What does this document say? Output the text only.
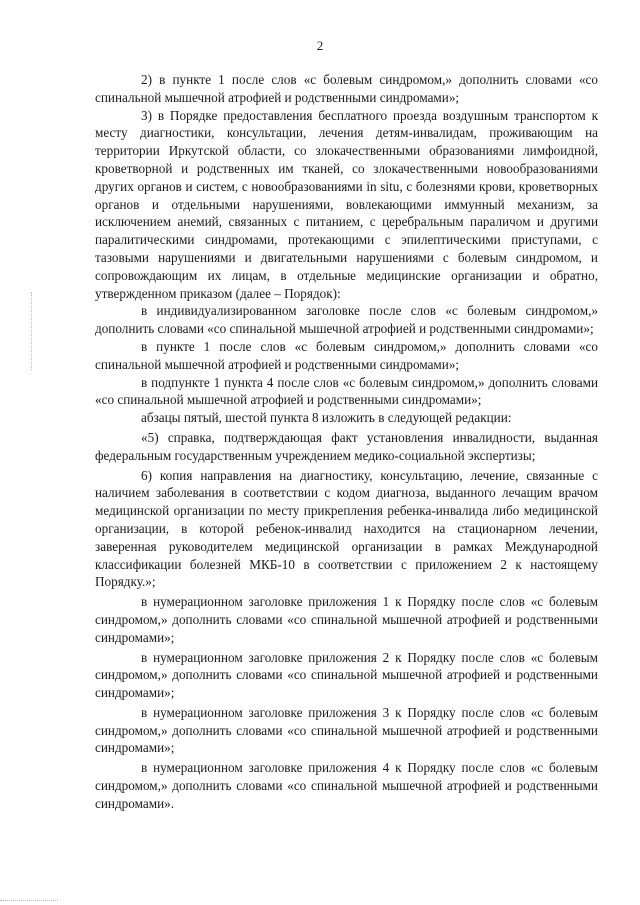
2

2) в пункте 1 после слов «с болевым синдромом,» дополнить словами «со спинальной мышечной атрофией и родственными синдромами»;

3) в Порядке предоставления бесплатного проезда воздушным транспортом к месту диагностики, консультации, лечения детям-инвалидам, проживающим на территории Иркутской области, со злокачественными образованиями лимфоидной, кроветворной и родственных им тканей, со злокачественными новообразованиями других органов и систем, с новообразованиями in situ, с болезнями крови, кроветворных органов и отдельными нарушениями, вовлекающими иммунный механизм, за исключением анемий, связанных с питанием, с церебральным параличом и другими паралитическими синдромами, протекающими с эпилептическими приступами, с тазовыми нарушениями и двигательными нарушениями с болевым синдромом, и сопровождающим их лицам, в отдельные медицинские организации и обратно, утвержденном приказом (далее – Порядок):

в индивидуализированном заголовке после слов «с болевым синдромом,» дополнить словами «со спинальной мышечной атрофией и родственными синдромами»;

в пункте 1 после слов «с болевым синдромом,» дополнить словами «со спинальной мышечной атрофией и родственными синдромами»;

в подпункте 1 пункта 4 после слов «с болевым синдромом,» дополнить словами «со спинальной мышечной атрофией и родственными синдромами»;

абзацы пятый, шестой пункта 8 изложить в следующей редакции:

«5) справка, подтверждающая факт установления инвалидности, выданная федеральным государственным учреждением медико-социальной экспертизы;

6) копия направления на диагностику, консультацию, лечение, связанные с наличием заболевания в соответствии с кодом диагноза, выданного лечащим врачом медицинской организации по месту прикрепления ребенка-инвалида либо медицинской организации, в которой ребенок-инвалид находится на стационарном лечении, заверенная руководителем медицинской организации в рамках Международной классификации болезней МКБ-10 в соответствии с приложением 2 к настоящему Порядку.»;

в нумерационном заголовке приложения 1 к Порядку после слов «с болевым синдромом,» дополнить словами «со спинальной мышечной атрофией и родственными синдромами»;

в нумерационном заголовке приложения 2 к Порядку после слов «с болевым синдромом,» дополнить словами «со спинальной мышечной атрофией и родственными синдромами»;

в нумерационном заголовке приложения 3 к Порядку после слов «с болевым синдромом,» дополнить словами «со спинальной мышечной атрофией и родственными синдромами»;

в нумерационном заголовке приложения 4 к Порядку после слов «с болевым синдромом,» дополнить словами «со спинальной мышечной атрофией и родственными синдромами».
